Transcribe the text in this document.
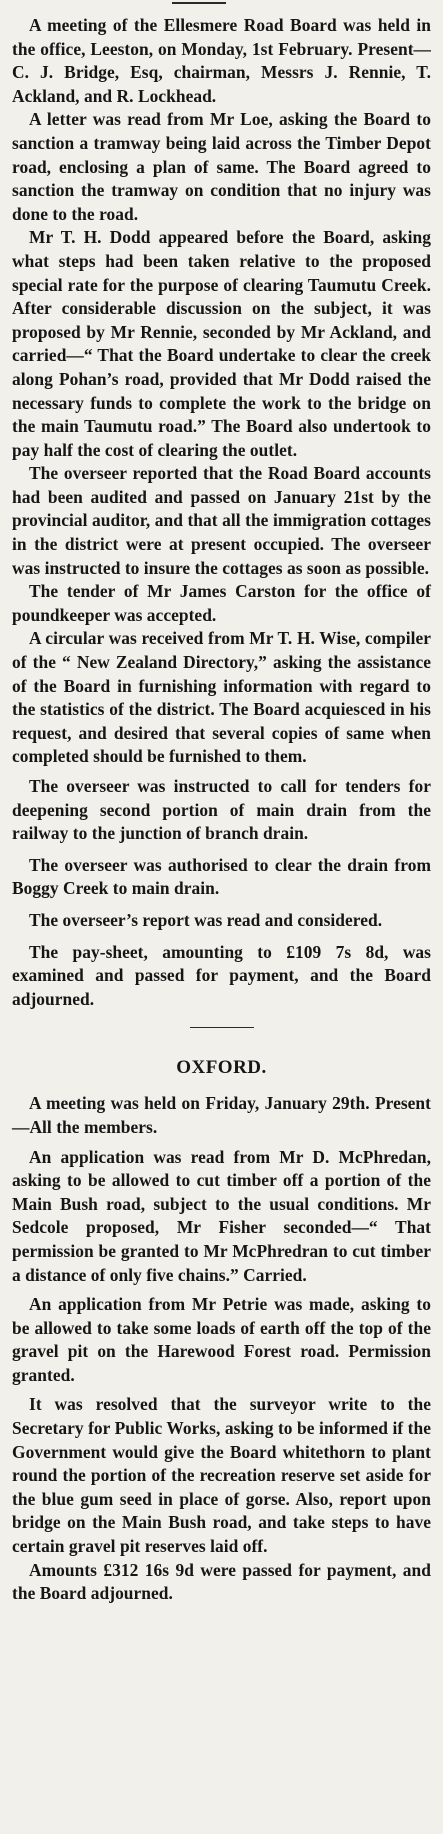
A meeting of the Ellesmere Road Board was held in the office, Leeston, on Monday, 1st February. Present—C. J. Bridge, Esq, chairman, Messrs J. Rennie, T. Ackland, and R. Lockhead.

A letter was read from Mr Loe, asking the Board to sanction a tramway being laid across the Timber Depot road, enclosing a plan of same. The Board agreed to sanction the tramway on condition that no injury was done to the road.

Mr T. H. Dodd appeared before the Board, asking what steps had been taken relative to the proposed special rate for the purpose of clearing Taumutu Creek. After considerable discussion on the subject, it was proposed by Mr Rennie, seconded by Mr Ackland, and carried—“ That the Board undertake to clear the creek along Pohan’s road, provided that Mr Dodd raised the necessary funds to complete the work to the bridge on the main Taumutu road.” The Board also undertook to pay half the cost of clearing the outlet.

The overseer reported that the Road Board accounts had been audited and passed on January 21st by the provincial auditor, and that all the immigration cottages in the district were at present occupied. The overseer was instructed to insure the cottages as soon as possible.

The tender of Mr James Carston for the office of poundkeeper was accepted.

A circular was received from Mr T. H. Wise, compiler of the “ New Zealand Directory,” asking the assistance of the Board in furnishing information with regard to the statistics of the district. The Board acquiesced in his request, and desired that several copies of same when completed should be furnished to them.

The overseer was instructed to call for tenders for deepening second portion of main drain from the railway to the junction of branch drain.

The overseer was authorised to clear the drain from Boggy Creek to main drain.

The overseer’s report was read and considered.

The pay-sheet, amounting to £109 7s 8d, was examined and passed for payment, and the Board adjourned.

OXFORD.

A meeting was held on Friday, January 29th. Present—All the members.

An application was read from Mr D. McPhredan, asking to be allowed to cut timber off a portion of the Main Bush road, subject to the usual conditions. Mr Sedcole proposed, Mr Fisher seconded—“ That permission be granted to Mr McPhredran to cut timber a distance of only five chains.” Carried.

An application from Mr Petrie was made, asking to be allowed to take some loads of earth off the top of the gravel pit on the Harewood Forest road. Permission granted.

It was resolved that the surveyor write to the Secretary for Public Works, asking to be informed if the Government would give the Board whitethorn to plant round the portion of the recreation reserve set aside for the blue gum seed in place of gorse. Also, report upon bridge on the Main Bush road, and take steps to have certain gravel pit reserves laid off.

Amounts £312 16s 9d were passed for payment, and the Board adjourned.
